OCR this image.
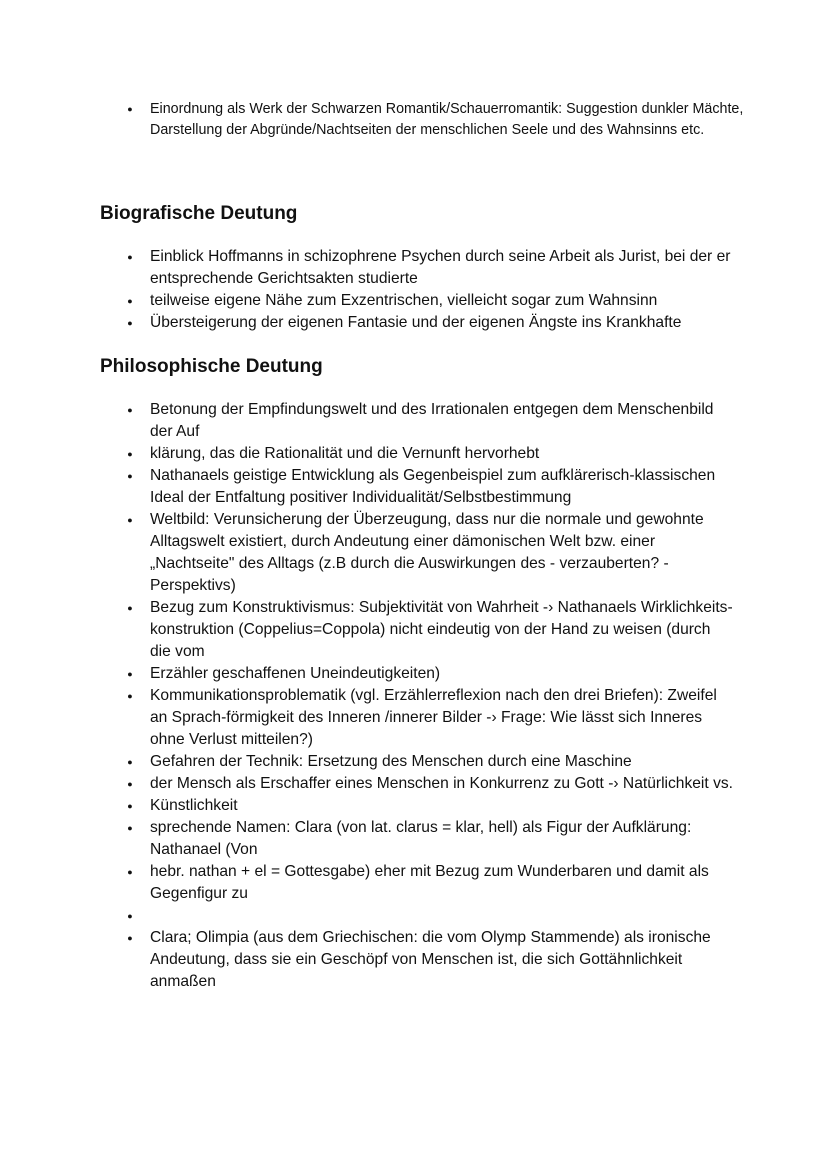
●
Einordnung als Werk der Schwarzen Romantik/Schauerromantik: Suggestion dunkler Mächte, Darstellung der Abgründe/Nachtseiten der menschlichen Seele und des Wahnsinns etc.
Biografische Deutung
●
Einblick Hoffmanns in schizophrene Psychen durch seine Arbeit als Jurist, bei der er entsprechende Gerichtsakten studierte
●
teilweise eigene Nähe zum Exzentrischen, vielleicht sogar zum Wahnsinn
●
Übersteigerung der eigenen Fantasie und der eigenen Ängste ins Krankhafte
Philosophische Deutung
●
Betonung der Empfindungswelt und des Irrationalen entgegen dem Menschenbild der Auf
●
klärung, das die Rationalität und die Vernunft hervorhebt
●
Nathanaels geistige Entwicklung als Gegenbeispiel zum aufklärerisch-klassischen Ideal der Entfaltung positiver Individualität/Selbstbestimmung
●
Weltbild: Verunsicherung der Überzeugung, dass nur die normale und gewohnte Alltagswelt existiert, durch Andeutung einer dämonischen Welt bzw. einer „Nachtseite" des Alltags (z.B durch die Auswirkungen des - verzauberten? - Perspektivs)
●
Bezug zum Konstruktivismus: Subjektivität von Wahrheit -› Nathanaels Wirklichkeits-konstruktion (Coppelius=Coppola) nicht eindeutig von der Hand zu weisen (durch die vom
●
Erzähler geschaffenen Uneindeutigkeiten)
●
Kommunikationsproblematik (vgl. Erzählerreflexion nach den drei Briefen): Zweifel an Sprach-förmigkeit des Inneren /innerer Bilder -› Frage: Wie lässt sich Inneres ohne Verlust mitteilen?)
●
Gefahren der Technik: Ersetzung des Menschen durch eine Maschine
●
der Mensch als Erschaffer eines Menschen in Konkurrenz zu Gott -› Natürlichkeit vs.
●
Künstlichkeit
●
sprechende Namen: Clara (von lat. clarus = klar, hell) als Figur der Aufklärung: Nathanael (Von
●
hebr. nathan + el = Gottesgabe) eher mit Bezug zum Wunderbaren und damit als Gegenfigur zu
●

●
Clara; Olimpia (aus dem Griechischen: die vom Olymp Stammende) als ironische Andeutung, dass sie ein Geschöpf von Menschen ist, die sich Gottähnlichkeit anmaßen
